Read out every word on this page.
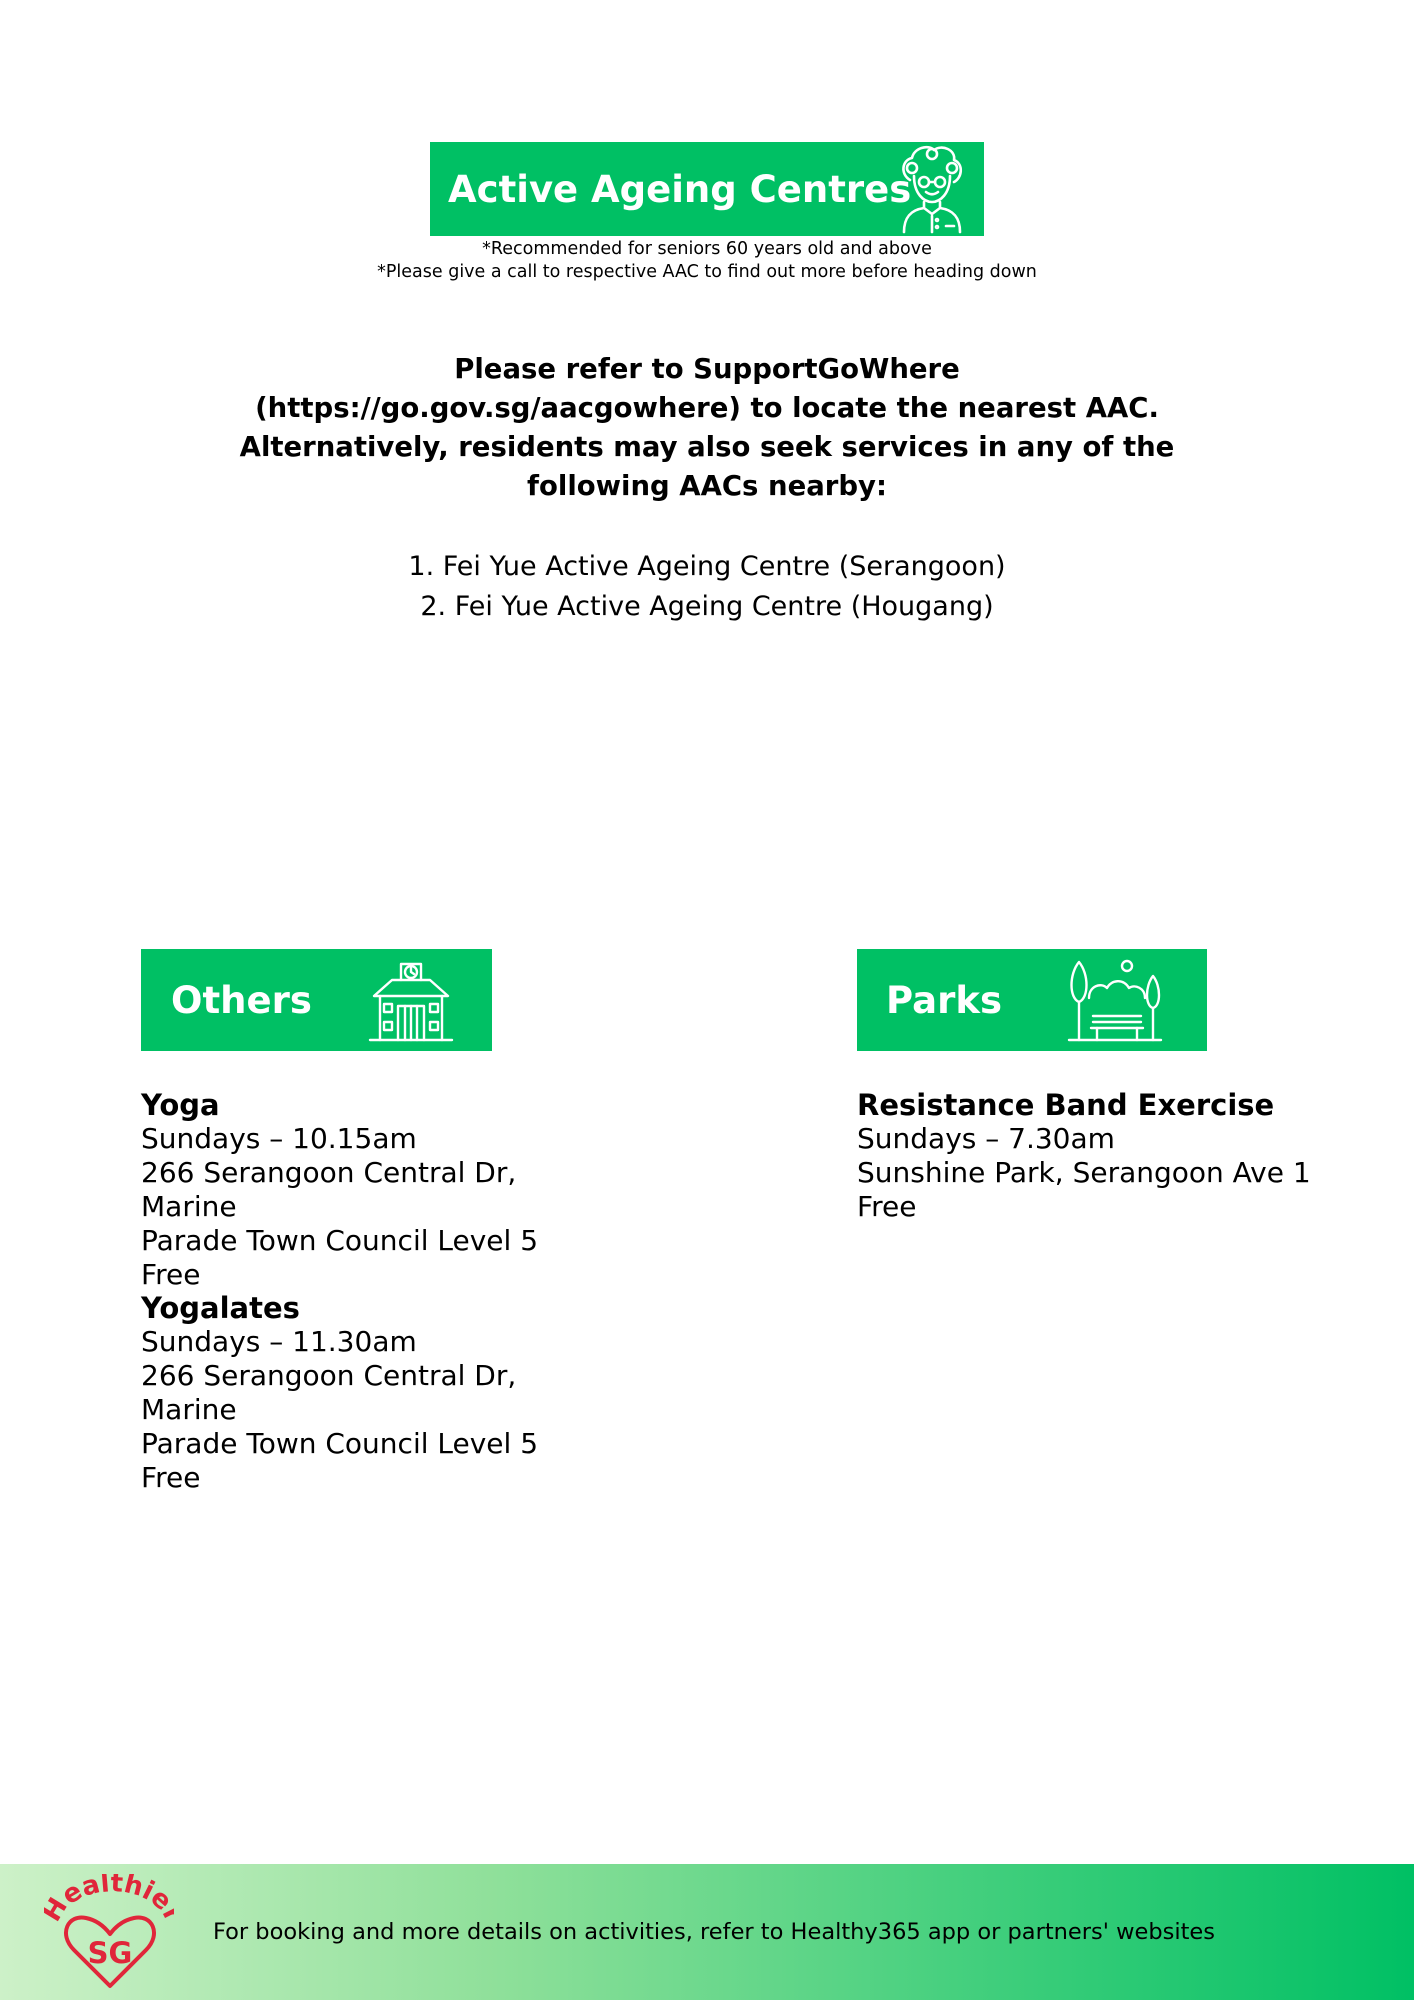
Active Ageing Centres
*Recommended for seniors 60 years old and above
*Please give a call to respective AAC to find out more before heading down
Please refer to SupportGoWhere
(https://go.gov.sg/aacgowhere) to locate the nearest AAC.
Alternatively, residents may also seek services in any of the
following AACs nearby:
1. Fei Yue Active Ageing Centre (Serangoon)
2. Fei Yue Active Ageing Centre (Hougang)
Others	Parks
Yoga
Sundays – 10.15am
266 Serangoon Central Dr, Marine
Parade Town Council Level 5
Free
Yogalates
Sundays – 11.30am
266 Serangoon Central Dr, Marine
Parade Town Council Level 5
Free
Resistance Band Exercise
Sundays – 7.30am
Sunshine Park, Serangoon Ave 1
Free
ealthi
SG
For booking and more details on activities, refer to Healthy365 app or partners' websites
